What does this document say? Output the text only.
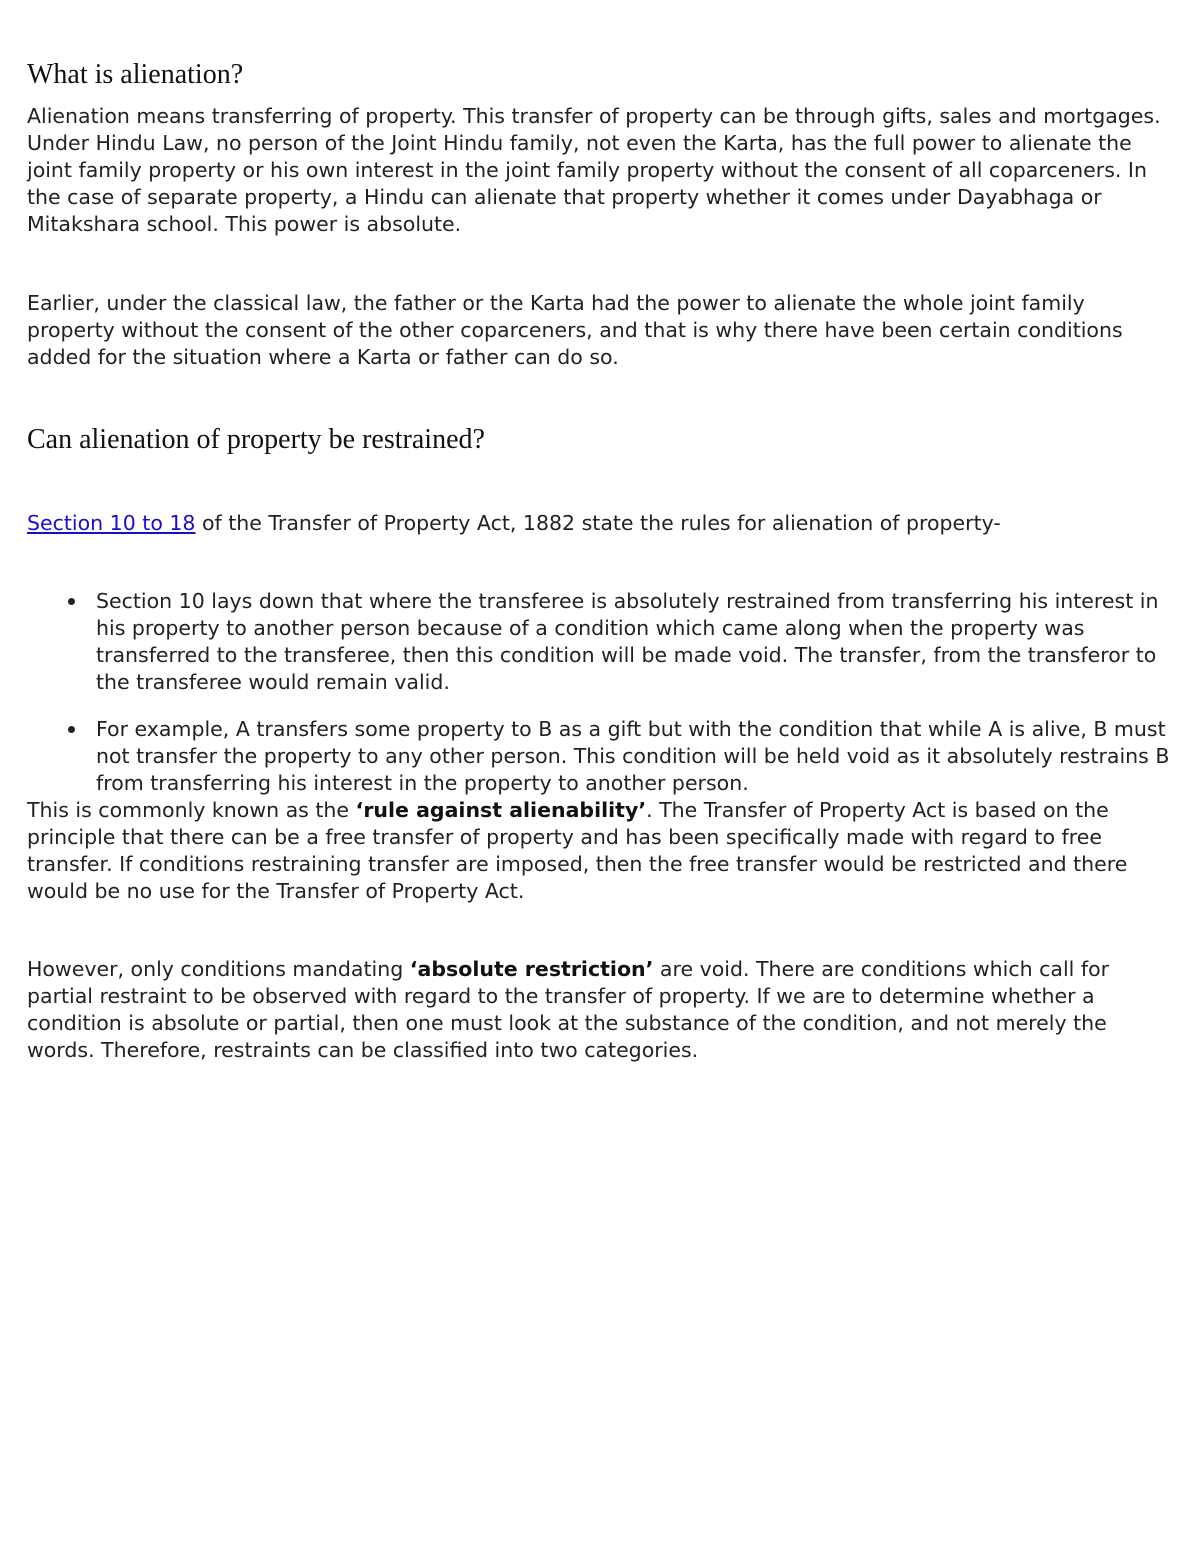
What is alienation?

Alienation means transferring of property. This transfer of property can be through gifts, sales and mortgages. Under Hindu Law, no person of the Joint Hindu family, not even the Karta, has the full power to alienate the joint family property or his own interest in the joint family property without the consent of all coparceners. In the case of separate property, a Hindu can alienate that property whether it comes under Dayabhaga or Mitakshara school. This power is absolute.

Earlier, under the classical law, the father or the Karta had the power to alienate the whole joint family property without the consent of the other coparceners, and that is why there have been certain conditions added for the situation where a Karta or father can do so.

Can alienation of property be restrained?

Section 10 to 18 of the Transfer of Property Act, 1882 state the rules for alienation of property-

Section 10 lays down that where the transferee is absolutely restrained from transferring his interest in his property to another person because of a condition which came along when the property was transferred to the transferee, then this condition will be made void. The transfer, from the transferor to the transferee would remain valid.
For example, A transfers some property to B as a gift but with the condition that while A is alive, B must not transfer the property to any other person. This condition will be held void as it absolutely restrains B from transferring his interest in the property to another person.

This is commonly known as the ‘rule against alienability’. The Transfer of Property Act is based on the principle that there can be a free transfer of property and has been specifically made with regard to free transfer. If conditions restraining transfer are imposed, then the free transfer would be restricted and there would be no use for the Transfer of Property Act.

However, only conditions mandating ‘absolute restriction’ are void. There are conditions which call for partial restraint to be observed with regard to the transfer of property. If we are to determine whether a condition is absolute or partial, then one must look at the substance of the condition, and not merely the words. Therefore, restraints can be classified into two categories.
